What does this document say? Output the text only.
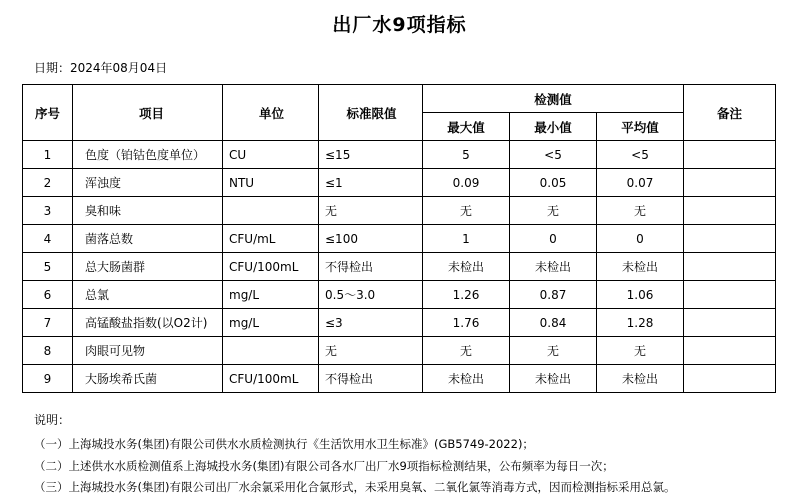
出厂水9项指标
日期：2024年08月04日
序号	项目	单位	标准限值	检测值			备注
				最大值	最小值	平均值	
1	色度（铂钴色度单位）	CU	≤15	5	<5	<5	
2	浑浊度	NTU	≤1	0.09	0.05	0.07	
3	臭和味		无	无	无	无	
4	菌落总数	CFU/mL	≤100	1	0	0	
5	总大肠菌群	CFU/100mL	不得检出	未检出	未检出	未检出	
6	总氯	mg/L	0.5～3.0	1.26	0.87	1.06	
7	高锰酸盐指数(以O2计)	mg/L	≤3	1.76	0.84	1.28	
8	肉眼可见物		无	无	无	无	
9	大肠埃希氏菌	CFU/100mL	不得检出	未检出	未检出	未检出	
说明：
（一）上海城投水务(集团)有限公司供水水质检测执行《生活饮用水卫生标准》(GB5749-2022)；
（二）上述供水水质检测值系上海城投水务(集团)有限公司各水厂出厂水9项指标检测结果，公布频率为每日一次；
（三）上海城投水务(集团)有限公司出厂水余氯采用化合氯形式，未采用臭氧、二氧化氯等消毒方式，因而检测指标采用总氯。
